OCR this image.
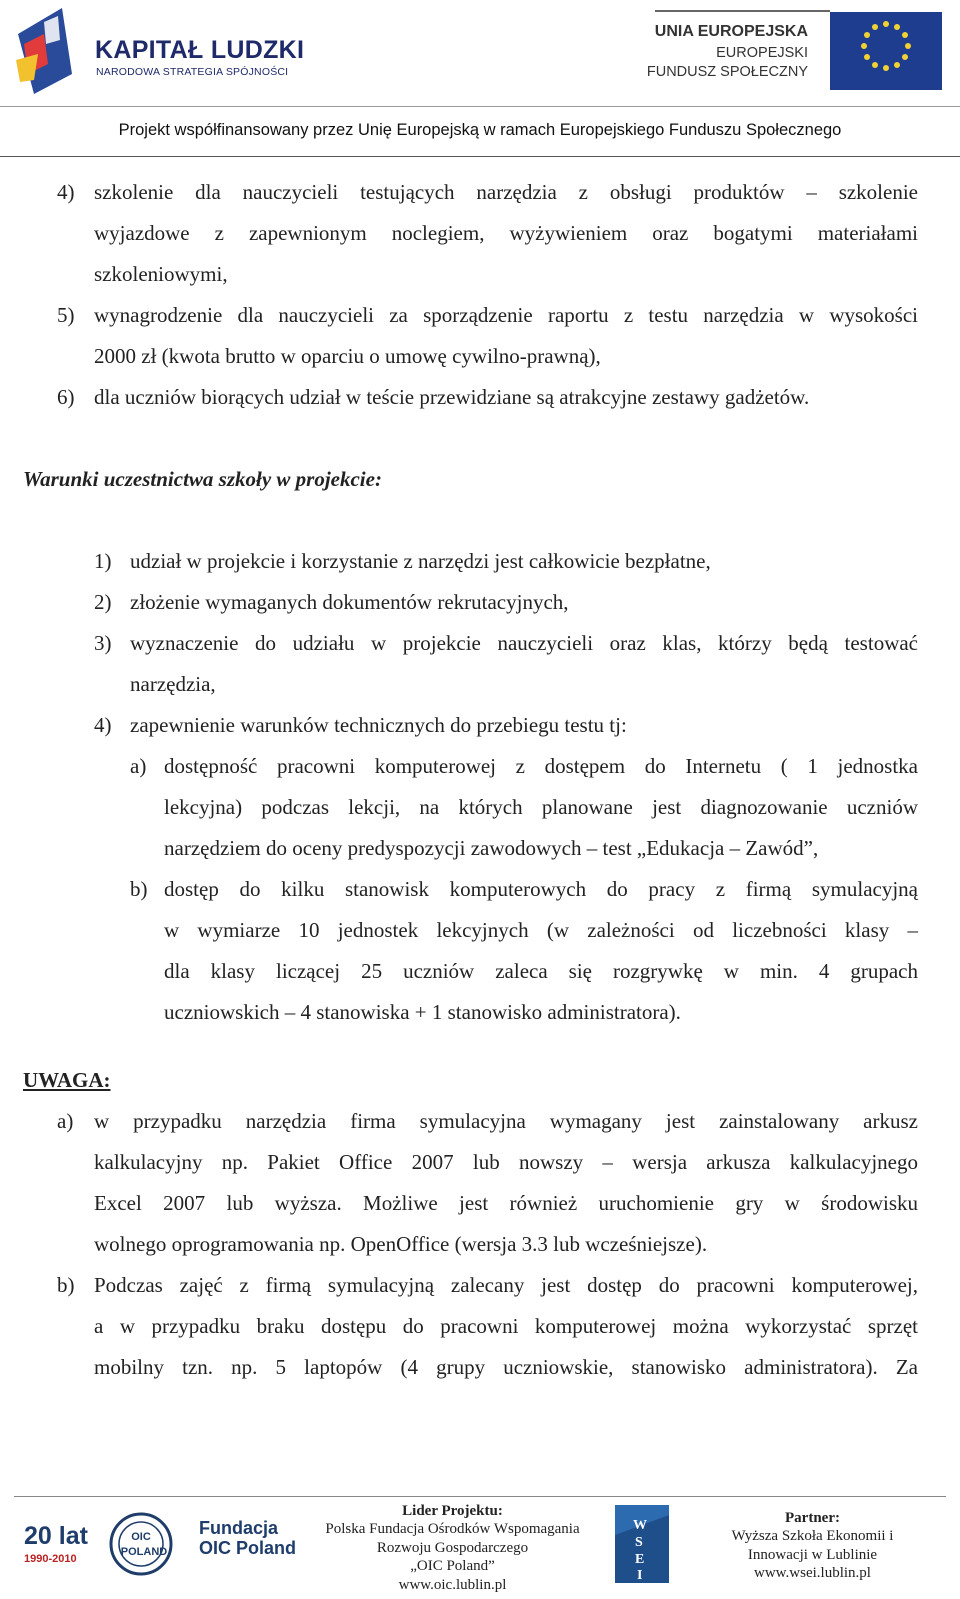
KAPITAŁ LUDZKI
NARODOWA STRATEGIA SPÓJNOŚCI
UNIA EUROPEJSKA
EUROPEJSKI
FUNDUSZ SPOŁECZNY
Projekt współfinansowany przez Unię Europejską w ramach Europejskiego Funduszu Społecznego
4) szkolenie dla nauczycieli testujących narzędzia z obsługi produktów – szkolenie
wyjazdowe z zapewnionym noclegiem, wyżywieniem oraz bogatymi materiałami
szkoleniowymi,
5) wynagrodzenie dla nauczycieli za sporządzenie raportu z testu narzędzia w wysokości
2000 zł (kwota brutto w oparciu o umowę cywilno-prawną),
6) dla uczniów biorących udział w teście przewidziane są atrakcyjne zestawy gadżetów.
Warunki uczestnictwa szkoły w projekcie:
1) udział w projekcie i korzystanie z narzędzi jest całkowicie bezpłatne,
2) złożenie wymaganych dokumentów rekrutacyjnych,
3) wyznaczenie do udziału w projekcie nauczycieli oraz klas, którzy będą testować
narzędzia,
4) zapewnienie warunków technicznych do przebiegu testu tj:
a) dostępność pracowni komputerowej z dostępem do Internetu ( 1 jednostka
lekcyjna) podczas lekcji, na których planowane jest diagnozowanie uczniów
narzędziem do oceny predyspozycji zawodowych – test „Edukacja – Zawód”,
b) dostęp do kilku stanowisk komputerowych do pracy z firmą symulacyjną
w wymiarze 10 jednostek lekcyjnych (w zależności od liczebności klasy –
dla klasy liczącej 25 uczniów zaleca się rozgrywkę w min. 4 grupach
uczniowskich – 4 stanowiska + 1 stanowisko administratora).
UWAGA:
a) w przypadku narzędzia firma symulacyjna wymagany jest zainstalowany arkusz
kalkulacyjny np. Pakiet Office 2007 lub nowszy – wersja arkusza kalkulacyjnego
Excel 2007 lub wyższa. Możliwe jest również uruchomienie gry w środowisku
wolnego oprogramowania np. OpenOffice (wersja 3.3 lub wcześniejsze).
b) Podczas zajęć z firmą symulacyjną zalecany jest dostęp do pracowni komputerowej,
a w przypadku braku dostępu do pracowni komputerowej można wykorzystać sprzęt
mobilny tzn. np. 5 laptopów (4 grupy uczniowskie, stanowisko administratora). Za
20 lat
1990-2010
OIC
POLAND
Fundacja
OIC Poland
Lider Projektu:
Polska Fundacja Ośrodków Wspomagania
Rozwoju Gospodarczego
„OIC Poland”
www.oic.lublin.pl
W
S
E
I
Partner:
Wyższa Szkoła Ekonomii i
Innowacji w Lublinie
www.wsei.lublin.pl
